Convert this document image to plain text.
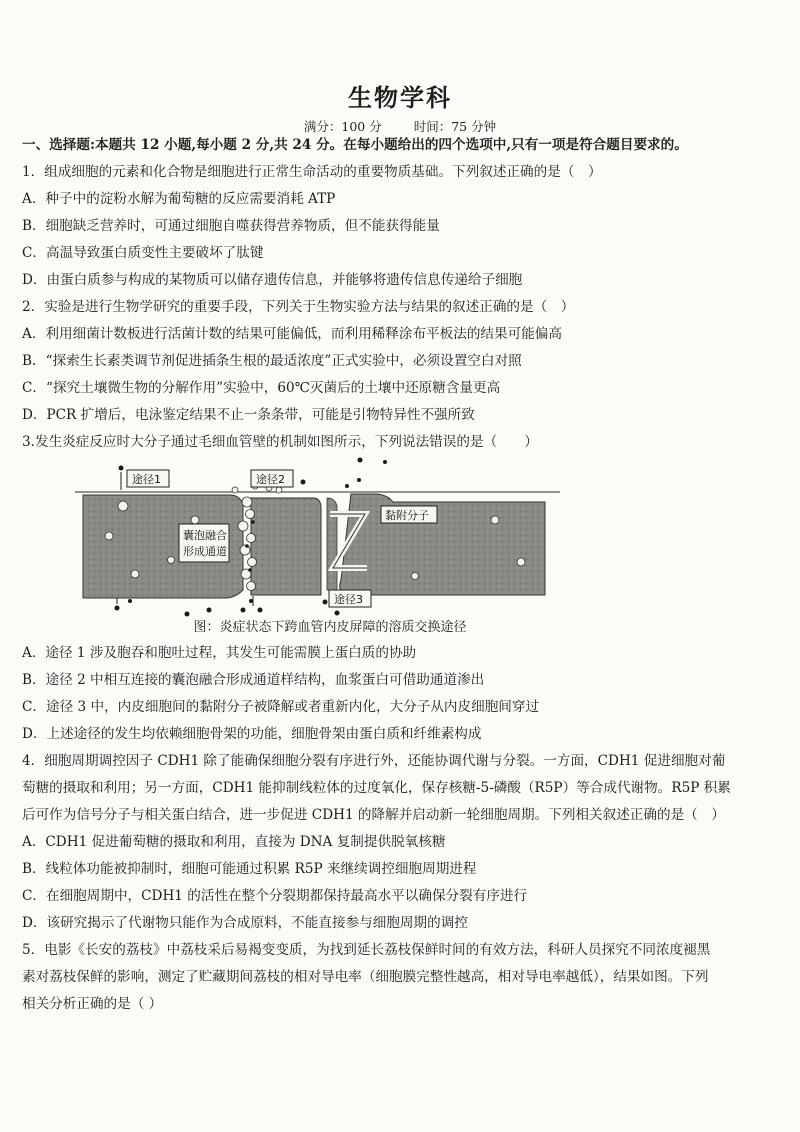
生物学科
满分：100 分	时间：75 分钟
一、选择题:本题共 12 小题,每小题 2 分,共 24 分。在每小题给出的四个选项中,只有一项是符合题目要求的。
1．组成细胞的元素和化合物是细胞进行正常生命活动的重要物质基础。下列叙述正确的是（　）
A．种子中的淀粉水解为葡萄糖的反应需要消耗 ATP
B．细胞缺乏营养时，可通过细胞自噬获得营养物质，但不能获得能量
C．高温导致蛋白质变性主要破坏了肽键
D．由蛋白质参与构成的某物质可以储存遗传信息，并能够将遗传信息传递给子细胞
2．实验是进行生物学研究的重要手段，下列关于生物实验方法与结果的叙述正确的是（　）
A．利用细菌计数板进行活菌计数的结果可能偏低，而利用稀释涂布平板法的结果可能偏高
B．“探索生长素类调节剂促进插条生根的最适浓度”正式实验中，必须设置空白对照
C．“探究土壤微生物的分解作用”实验中，60℃灭菌后的土壤中还原糖含量更高
D．PCR 扩增后，电泳鉴定结果不止一条条带，可能是引物特异性不强所致
3.发生炎症反应时大分子通过毛细血管壁的机制如图所示，下列说法错误的是（　　）
途径1	途径2
囊泡融合
形成通道
黏附分子
途径3
图：炎症状态下跨血管内皮屏障的溶质交换途径
A．途径 1 涉及胞吞和胞吐过程，其发生可能需膜上蛋白质的协助
B．途径 2 中相互连接的囊泡融合形成通道样结构，血浆蛋白可借助通道渗出
C．途径 3 中，内皮细胞间的黏附分子被降解或者重新内化，大分子从内皮细胞间穿过
D．上述途径的发生均依赖细胞骨架的功能，细胞骨架由蛋白质和纤维素构成
4．细胞周期调控因子 CDH1 除了能确保细胞分裂有序进行外，还能协调代谢与分裂。一方面，CDH1 促进细胞对葡
萄糖的摄取和利用；另一方面，CDH1 能抑制线粒体的过度氧化，保存核糖-5-磷酸（R5P）等合成代谢物。R5P 积累
后可作为信号分子与相关蛋白结合，进一步促进 CDH1 的降解并启动新一轮细胞周期。下列相关叙述正确的是（　）
A．CDH1 促进葡萄糖的摄取和利用，直接为 DNA 复制提供脱氧核糖
B．线粒体功能被抑制时，细胞可能通过积累 R5P 来继续调控细胞周期进程
C．在细胞周期中，CDH1 的活性在整个分裂期都保持最高水平以确保分裂有序进行
D．该研究揭示了代谢物只能作为合成原料，不能直接参与细胞周期的调控
5．电影《长安的荔枝》中荔枝采后易褐变变质，为找到延长荔枝保鲜时间的有效方法，科研人员探究不同浓度褪黑
素对荔枝保鲜的影响，测定了贮藏期间荔枝的相对导电率（细胞膜完整性越高，相对导电率越低），结果如图。下列
相关分析正确的是（ ）
